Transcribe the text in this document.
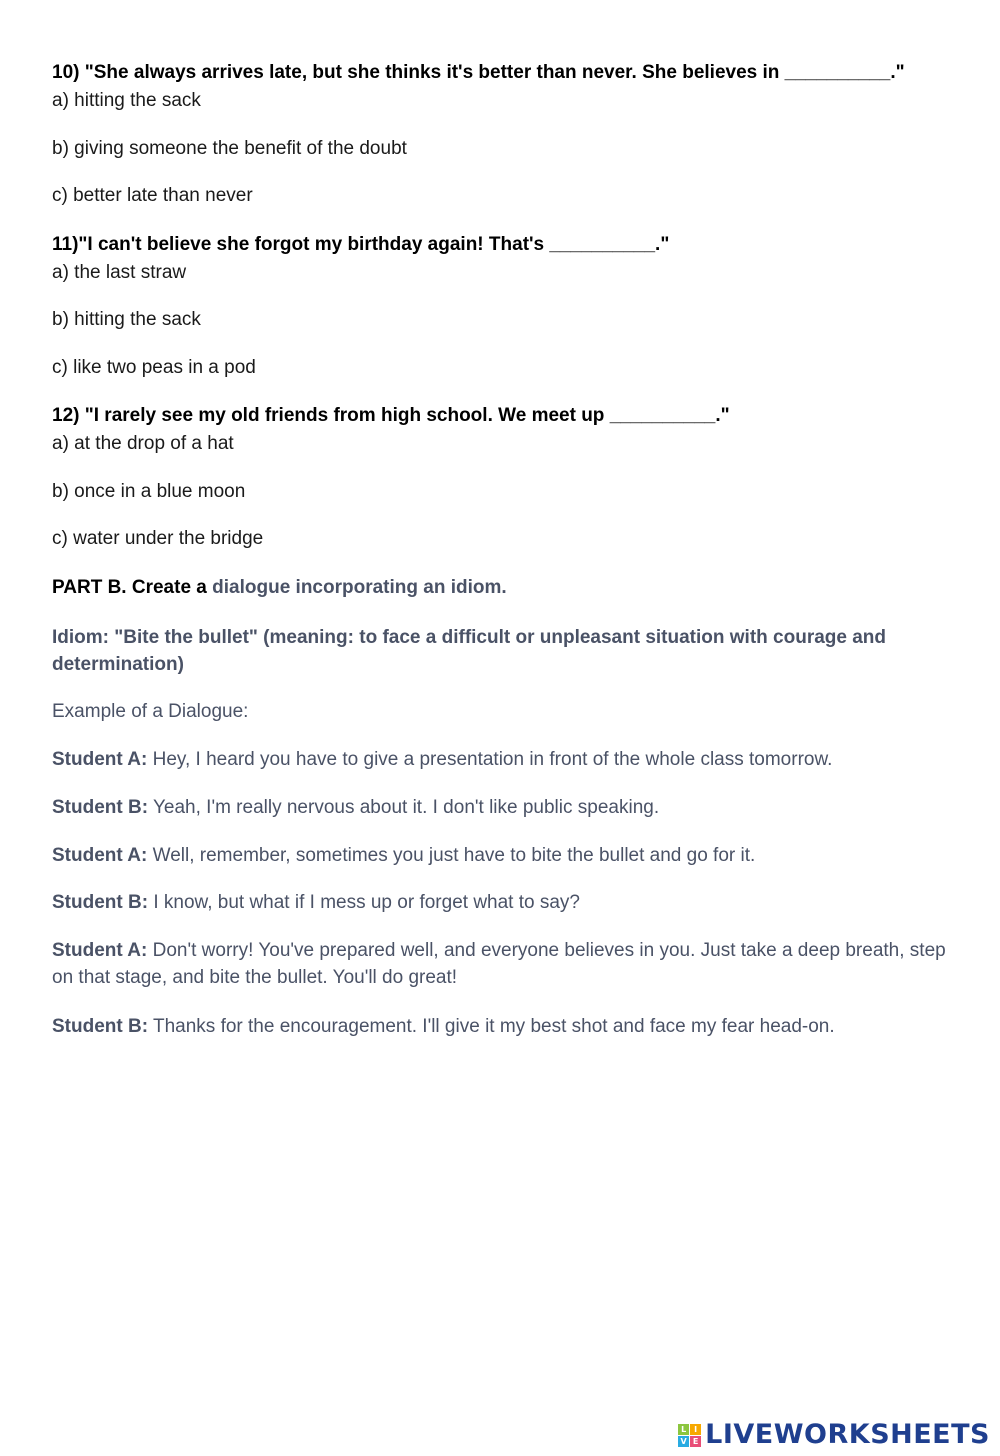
10) "She always arrives late, but she thinks it's better than never. She believes in __________."
a) hitting the sack
b) giving someone the benefit of the doubt
c) better late than never
11)"I can't believe she forgot my birthday again! That's __________."
a) the last straw
b) hitting the sack
c) like two peas in a pod
12) "I rarely see my old friends from high school. We meet up __________."
a) at the drop of a hat
b) once in a blue moon
c) water under the bridge
PART B. Create a dialogue incorporating an idiom.
Idiom: "Bite the bullet" (meaning: to face a difficult or unpleasant situation with courage and determination)
Example of a Dialogue:
Student A: Hey, I heard you have to give a presentation in front of the whole class tomorrow.
Student B: Yeah, I'm really nervous about it. I don't like public speaking.
Student A: Well, remember, sometimes you just have to bite the bullet and go for it.
Student B: I know, but what if I mess up or forget what to say?
Student A: Don't worry! You've prepared well, and everyone believes in you. Just take a deep breath, step on that stage, and bite the bullet. You'll do great!
Student B: Thanks for the encouragement. I'll give it my best shot and face my fear head-on.
L I
V E LIVEWORKSHEETS
